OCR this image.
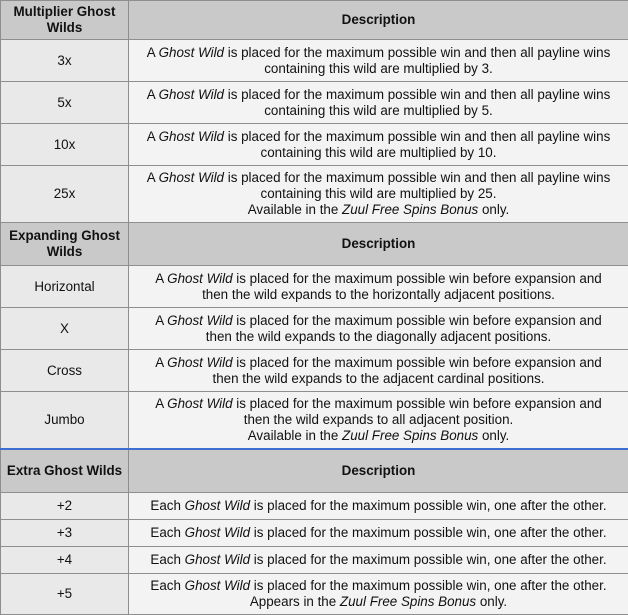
Multiplier Ghost Wilds	Description
3x	A Ghost Wild is placed for the maximum possible win and then all payline wins
containing this wild are multiplied by 3.

5x	A Ghost Wild is placed for the maximum possible win and then all payline wins
containing this wild are multiplied by 5.

10x	A Ghost Wild is placed for the maximum possible win and then all payline wins
containing this wild are multiplied by 10.

25x	A Ghost Wild is placed for the maximum possible win and then all payline wins
containing this wild are multiplied by 25.
Available in the Zuul Free Spins Bonus only.

Expanding Ghost Wilds	Description
Horizontal	A Ghost Wild is placed for the maximum possible win before expansion and
then the wild expands to the horizontally adjacent positions.

X	A Ghost Wild is placed for the maximum possible win before expansion and
then the wild expands to the diagonally adjacent positions.

Cross	A Ghost Wild is placed for the maximum possible win before expansion and
then the wild expands to the adjacent cardinal positions.

Jumbo	A Ghost Wild is placed for the maximum possible win before expansion and
then the wild expands to all adjacent position.
Available in the Zuul Free Spins Bonus only.

Extra Ghost Wilds	Description
+2	Each Ghost Wild is placed for the maximum possible win, one after the other.

+3	Each Ghost Wild is placed for the maximum possible win, one after the other.

+4	Each Ghost Wild is placed for the maximum possible win, one after the other.

+5	Each Ghost Wild is placed for the maximum possible win, one after the other.
Appears in the Zuul Free Spins Bonus only.
